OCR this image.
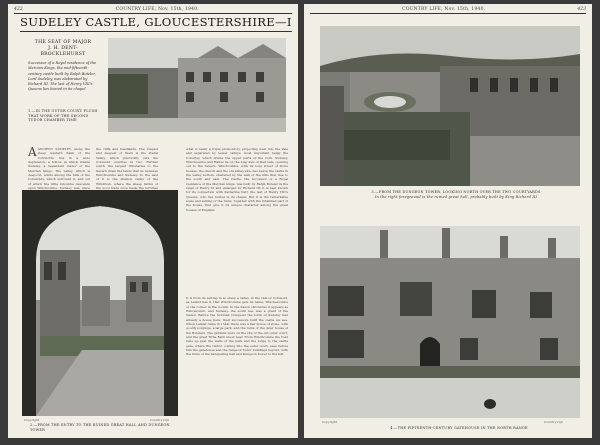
422	COUNTRY LIFE, Nov. 15th, 1940.
SUDELEY CASTLE, GLOUCESTERSHIRE—I
THE SEAT OF MAJOR
J. H. DENT-BROCKLEHURST
Successor of a Royal residence of the Mercian Kings, the mid-fifteenth-century castle built by Ralph Boteler, Lord Sudeley, was elaborated by Richard III. The last of Henry VIII's Queens lies buried in its chapel
1.—IN THE OUTER COURT. FLUSH THAT WORK OF THE SECOND TUDOR CHAMBER TIME

AANCIENT SUDELEY, along the steep western flank of the Cotswolds, lies in a wide depression, a hollow in which stands Sudeley, a dependent manor of the Mercian kings. The valley, which is deep-cut, winds among the hills of the Cotswolds, which surround it, and out of which the little Isbourne descends upon Winchcombe. Sudeley was, since

the cliffs and headlands. The longest and deepest of them is the Postal Valley, which practically cuts the Cotswold counties in two. Farther south, the largest tributaries to the Severn drain the lands that lie between Winchcombe and Sudeley. To the east of it is the shallow valley of the Windrush, where the sheep farms of the wool trade once made the fortunes

what is really a triple promontory, projecting west into the Vale and separated by lesser valleys, most important being the Coberley, which drains the upper parts of the Coln. Sudeley, Winchcombe and Hailes lie on the long axis of that vale, opening out to the Severn. Winchcombe, with its long street of stone houses, the church and the old abbey site, lies below the castle in the valley bottom, sheltered by the wall of the hills that rise to the south and east. The Castle, the successor of a Royal residence of the Mercian kings, was built by Ralph Boteler in the reign of Henry VI and enlarged by Richard III; it is best known for its connection with Katherine Parr, the last of Henry VIII's Queens, who lies buried in its chapel. But it is the remarkable scale and setting of the ruins, together with the inhabited part of the house, that give it its unique character among the great houses of England.

It is from its setting in so steep a valley, in the vale of Cotswold, as Leland has it, that Winchcombe gets its name, Winchelcombe or the corner in the coomb. In the Saxon chronicles it appears as Wincelcumb, and Sudeley, the south lea, was a grant of the manor. Before the Norman Conquest the lords of Sudeley had already a house here; their successors built the castle we see. When Leland came in 1540, there was a fair house of stone, with goodly lodgings, a large park, and the ruins of the older house of the Botelers. The gardens were on the site of the old outer court, and the great Tithe Barn stood near. From Winchcombe the road runs up past the walls of the park and the lodge to the castle gate, where the visitor, coming into the outer court, sees before him the gatehouse and the range of Tudor buildings beyond, with the ruins of the banqueting hall and Dungeon Tower to the left.

Copyright	Country Life
2.—FROM THE ENTRY TO THE RUINED GREAT HALL AND DUNGEON TOWER
COUNTRY LIFE, Nov. 15th, 1940.	423
3.—FROM THE DUNGEON TOWER, LOOKING NORTH OVER THE TWO COURTYARDS
In the right foreground is the ruined great hall, probably built by King Richard III
Copyright	Country Life
4.—THE FIFTEENTH-CENTURY GATEHOUSE IN THE NORTH RANGE
